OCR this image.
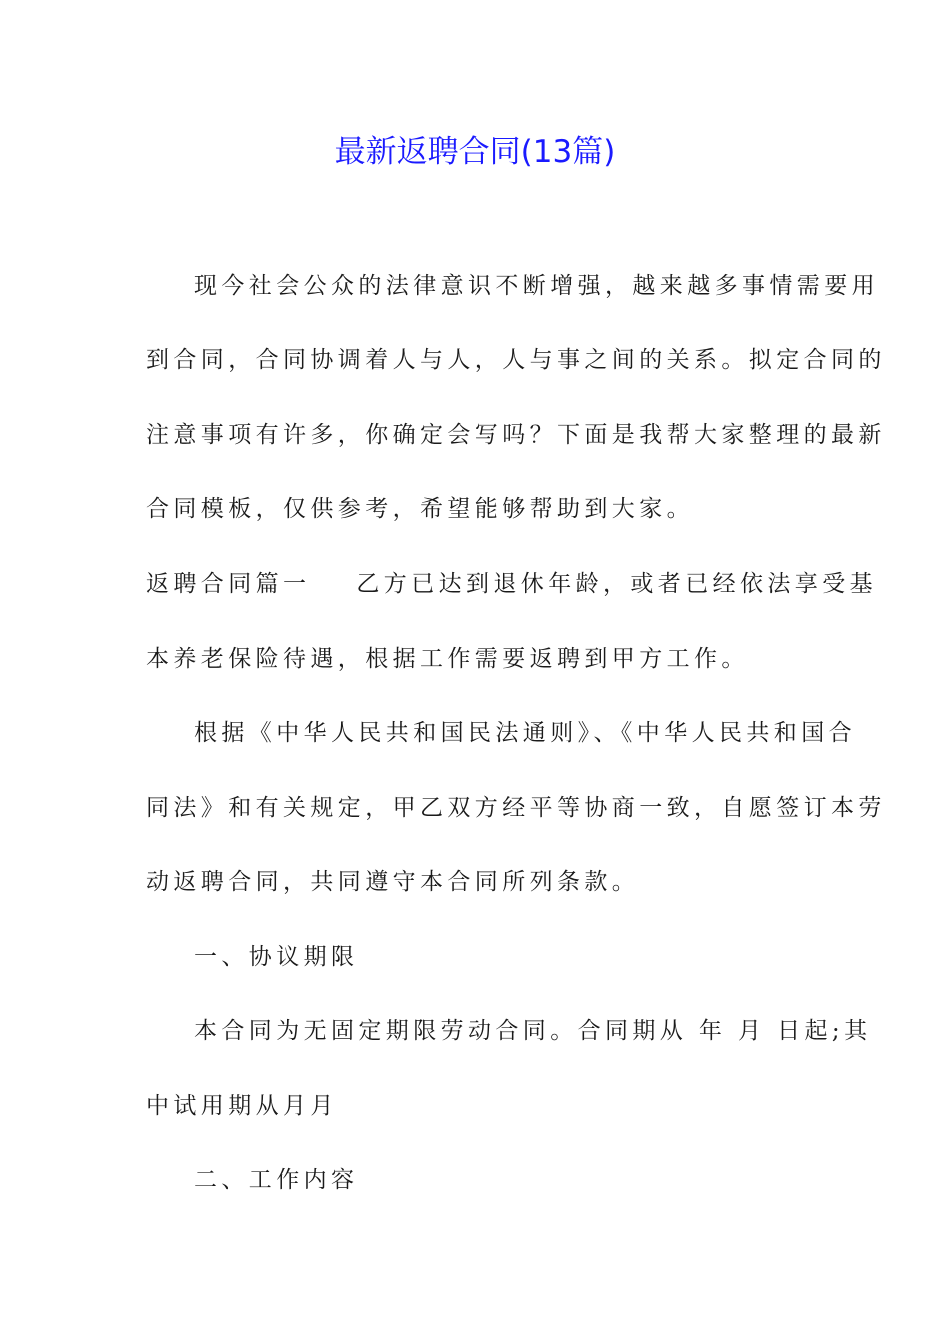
最新返聘合同(13篇)

现今社会公众的法律意识不断增强，越来越多事情需要用

到合同，合同协调着人与人，人与事之间的关系。拟定合同的

注意事项有许多，你确定会写吗？下面是我帮大家整理的最新

合同模板，仅供参考，希望能够帮助到大家。

返聘合同篇一 乙方已达到退休年龄，或者已经依法享受基

本养老保险待遇，根据工作需要返聘到甲方工作。

根据《中华人民共和国民法通则》、《中华人民共和国合

同法》和有关规定，甲乙双方经平等协商一致，自愿签订本劳

动返聘合同，共同遵守本合同所列条款。

一、协议期限

本合同为无固定期限劳动合同。合同期从 年 月 日起;其

中试用期从月月

二、工作内容
